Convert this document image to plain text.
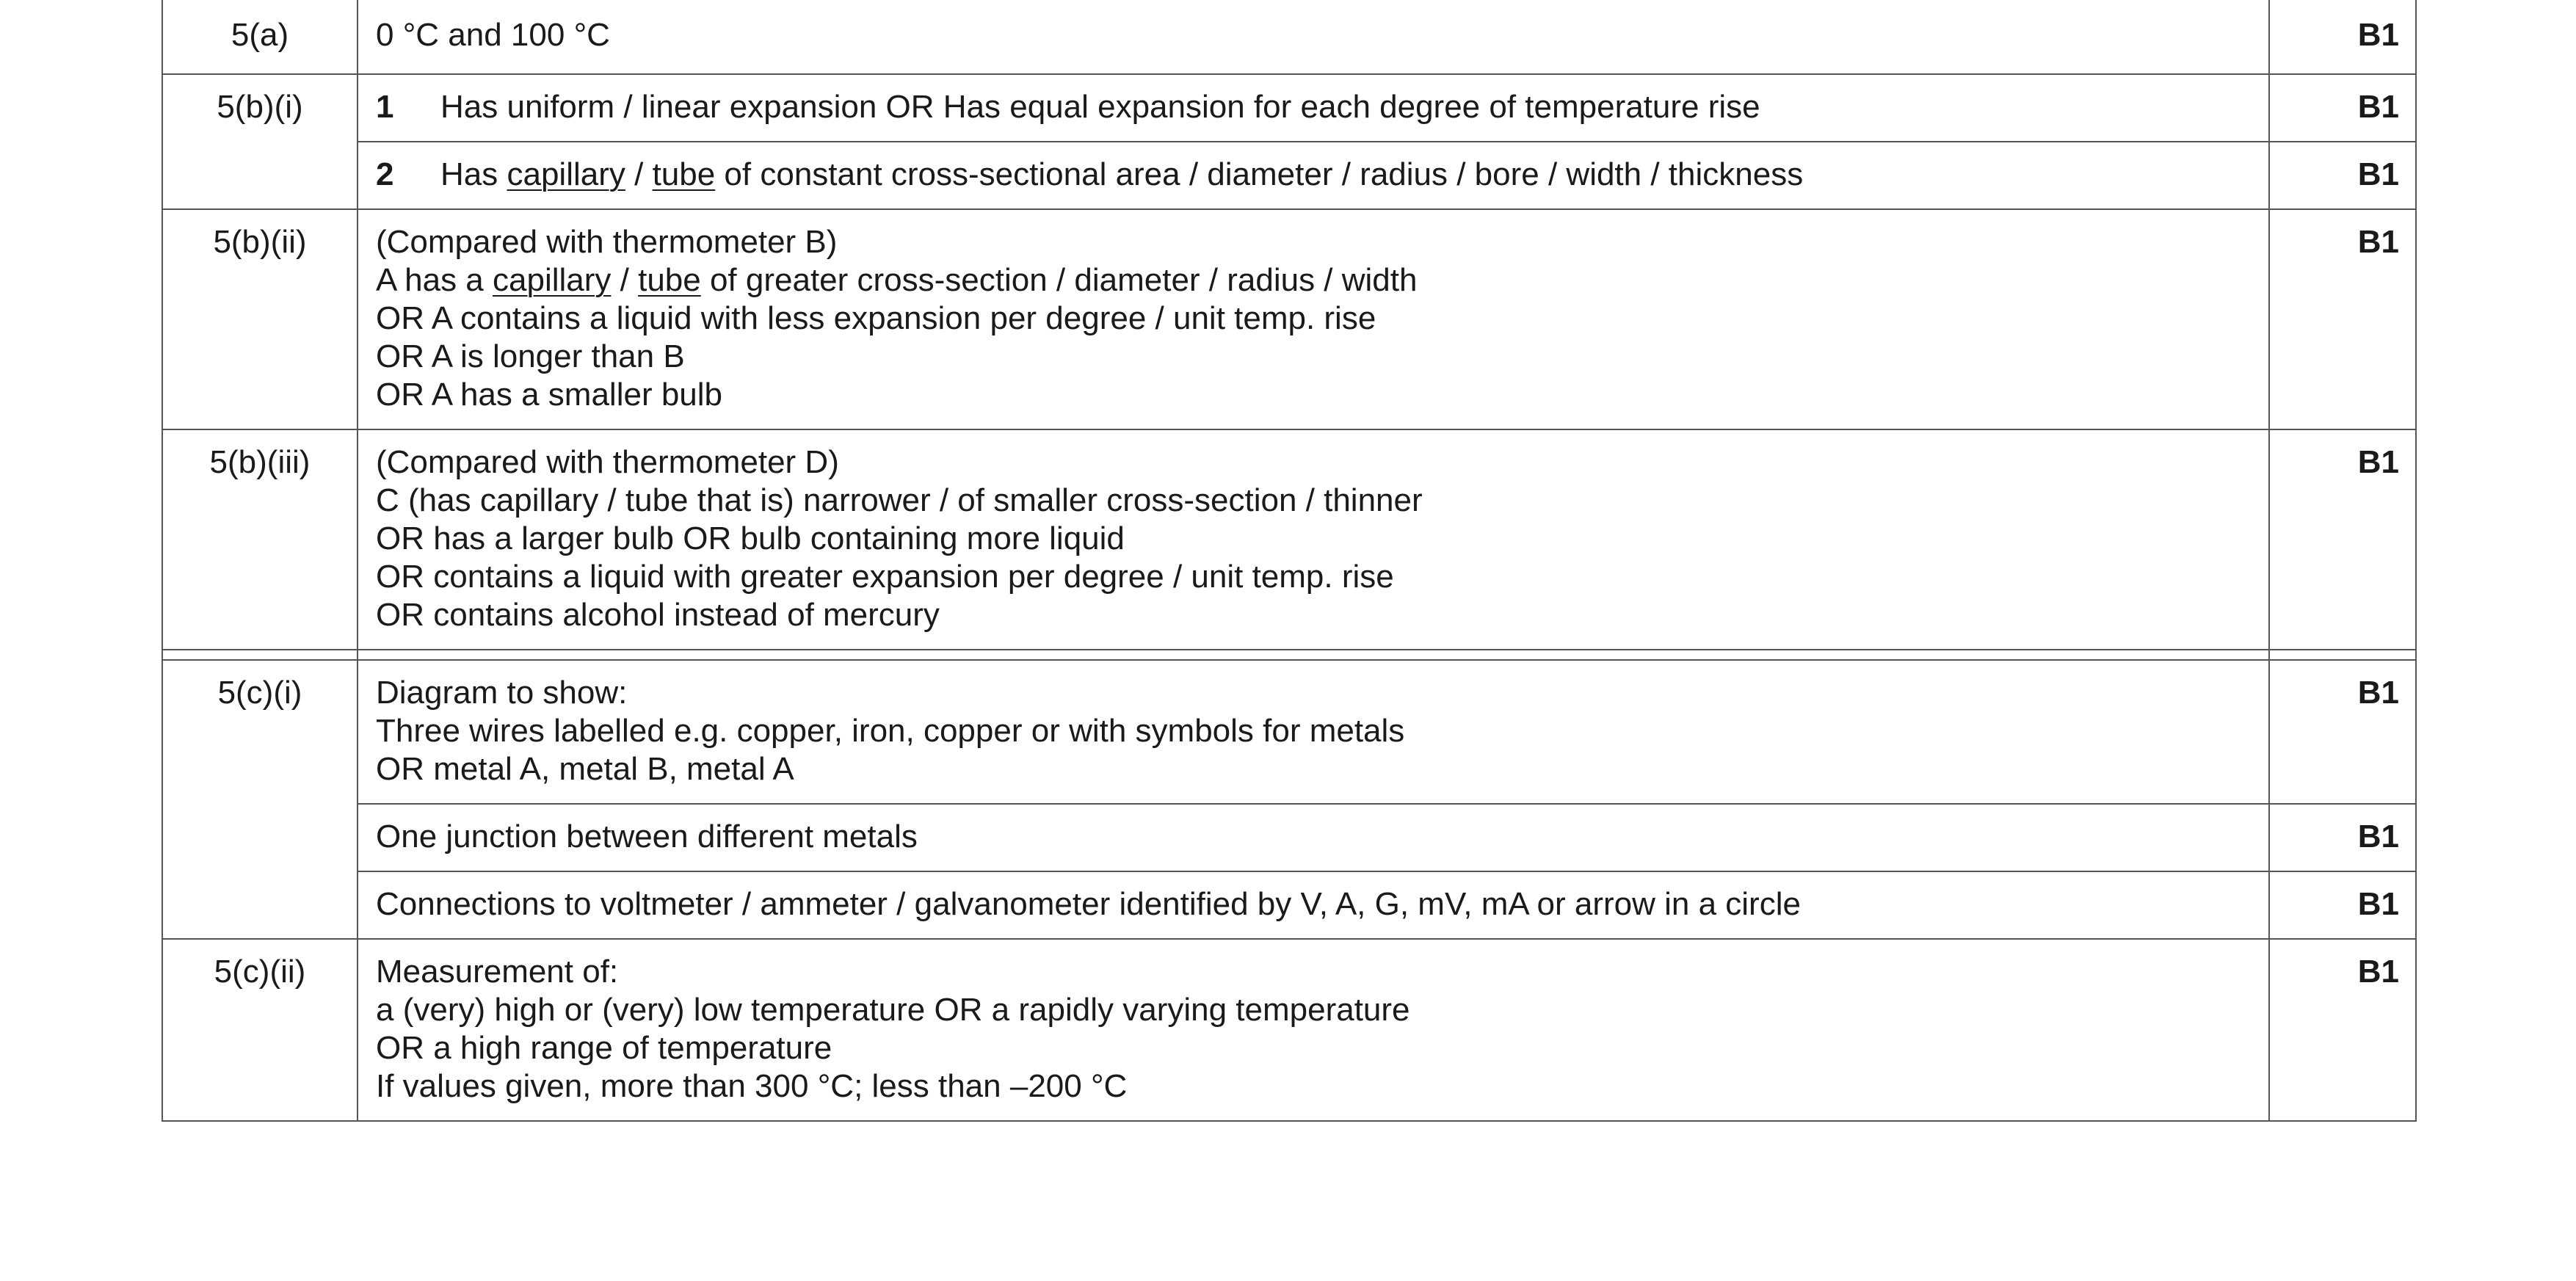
5(a)	0 °C and 100 °C	B1
5(b)(i)	1 Has uniform / linear expansion OR Has equal expansion for each degree of temperature rise	B1

	2 Has capillary / tube of constant cross-sectional area / diameter / radius / bore / width / thickness	B1
5(b)(ii)	(Compared with thermometer B)
A has a capillary / tube of greater cross-section / diameter / radius / width
OR A contains a liquid with less expansion per degree / unit temp. rise
OR A is longer than B
OR A has a smaller bulb	B1
5(b)(iii)	(Compared with thermometer D)
C (has capillary / tube that is) narrower / of smaller cross-section / thinner
OR has a larger bulb OR bulb containing more liquid
OR contains a liquid with greater expansion per degree / unit temp. rise
OR contains alcohol instead of mercury	B1

5(c)(i)	Diagram to show:
Three wires labelled e.g. copper, iron, copper or with symbols for metals
OR metal A, metal B, metal A	B1

	One junction between different metals	B1

	Connections to voltmeter / ammeter / galvanometer identified by V, A, G, mV, mA or arrow in a circle	B1
5(c)(ii)	Measurement of:
a (very) high or (very) low temperature OR a rapidly varying temperature
OR a high range of temperature
If values given, more than 300 °C; less than –200 °C	B1
